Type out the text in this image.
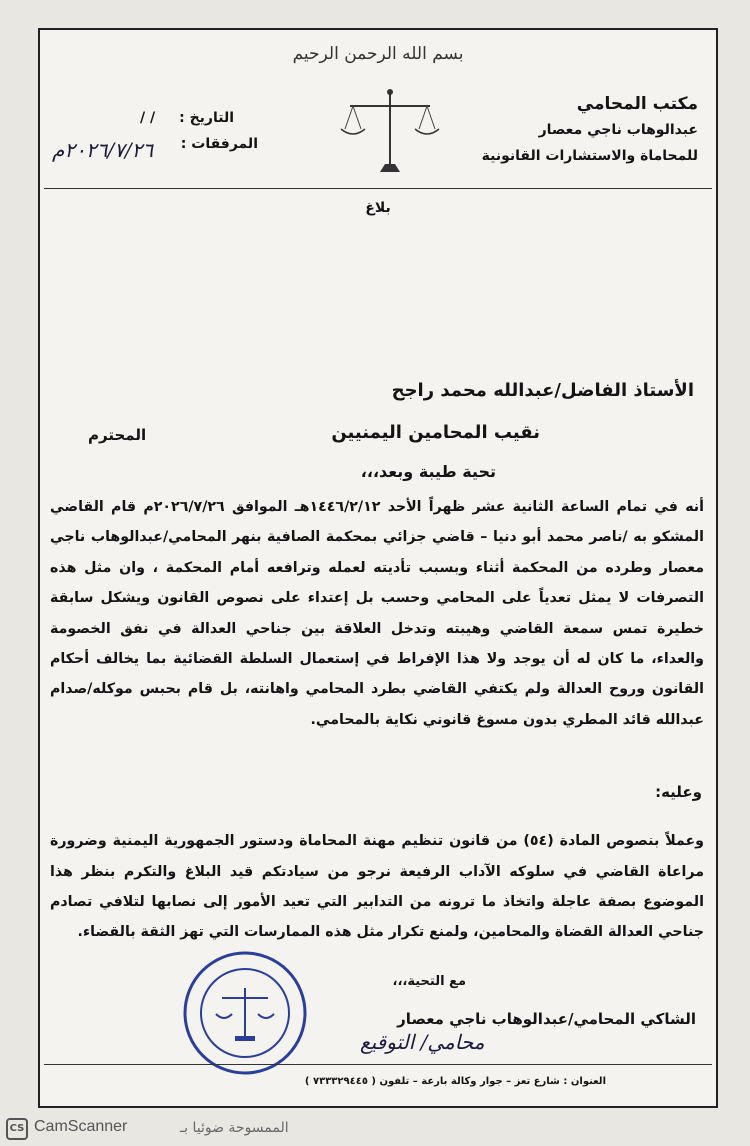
بسم الله الرحمن الرحيم
مكتب المحامي
عبدالوهاب ناجي معصار
للمحاماة والاستشارات القانونية
التاريخ :/ /
المرفقات :
٢٠٢٦/٧/٢٦م
بلاغ
الأستاذ الفاضل/عبدالله محمد راجح
نقيب المحامين اليمنيين
المحترم
تحية طيبة وبعد،،،

أنه في تمام الساعة الثانية عشر ظهراً الأحد ١٤٤٦/٢/١٢هـ الموافق ٢٠٢٦/٧/٢٦م قام القاضي المشكو به /ناصر محمد أبو دنيا – قاضي جزائي بمحكمة الصافية بنهر المحامي/عبدالوهاب ناجي معصار وطرده من المحكمة أثناء وبسبب تأديته لعمله وترافعه أمام المحكمة ، وان مثل هذه التصرفات لا يمثل تعدياً على المحامي وحسب بل إعتداء على نصوص القانون ويشكل سابقة خطيرة تمس سمعة القاضي وهيبته وتدخل العلاقة بين جناحي العدالة في نفق الخصومة والعداء، ما كان له أن يوجد ولا هذا الإفراط في إستعمال السلطة القضائية بما يخالف أحكام القانون وروح العدالة ولم يكتفي القاضي بطرد المحامي واهانته، بل قام بحبس موكله/صدام عبدالله قائد المطري بدون مسوغ قانوني نكاية بالمحامي.

وعليه:

وعملاً بنصوص المادة (٥٤) من قانون تنظيم مهنة المحاماة ودستور الجمهورية اليمنية وضرورة مراعاة القاضي في سلوكه الآداب الرفيعة نرجو من سيادتكم قيد البلاغ والتكرم بنظر هذا الموضوع بصفة عاجلة واتخاذ ما ترونه من التدابير التي تعيد الأمور إلى نصابها لتلافي تصادم جناحي العدالة القضاة والمحامين، ولمنع تكرار مثل هذه الممارسات التي تهز الثقة بالقضاء.

مع التحية،،،
الشاكي المحامي/عبدالوهاب ناجي معصار
محامي/ التوقيع
العنوان : شارع تعز – جوار وكالة بارعة – تلفون ( ٧٣٣٣٢٩٤٤٥ )
CS CamScanner	الممسوحة ضوئيا بـ
